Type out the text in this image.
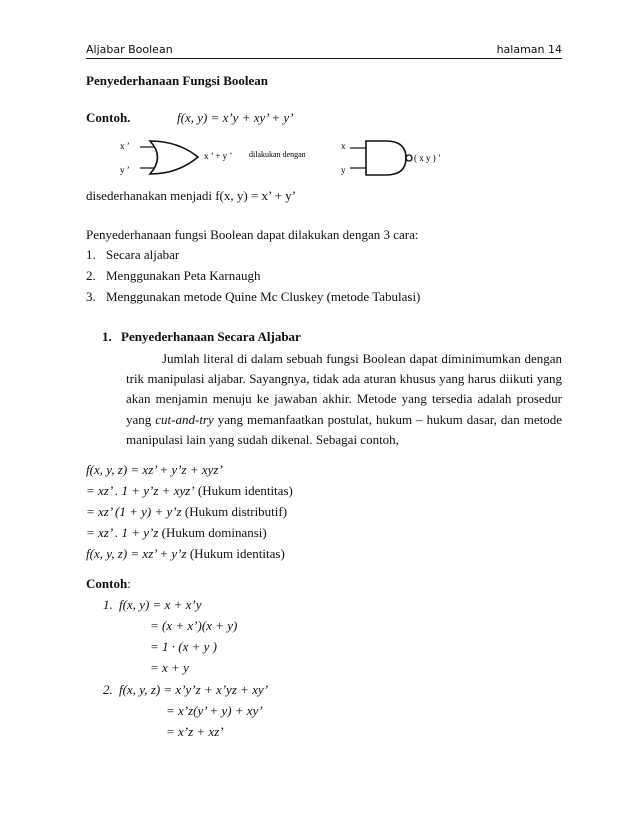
Aljabar Boolean	halaman 14
Penyederhanaan Fungsi Boolean
Contoh.	f(x, y) = x’y + xy’ + y’
x ’
y ’
x ’ + y ’ dilakukan dengan
x
y
( x y ) ’
disederhanakan menjadi f(x, y) = x’ + y’
Penyederhanaan fungsi Boolean dapat dilakukan dengan 3 cara:
1. Secara aljabar
2. Menggunakan Peta Karnaugh
3. Menggunakan metode Quine Mc Cluskey (metode Tabulasi)
1. Penyederhanaan Secara Aljabar
Jumlah literal di dalam sebuah fungsi Boolean dapat diminimumkan dengan trik manipulasi aljabar. Sayangnya, tidak ada aturan khusus yang harus diikuti yang akan menjamin menuju ke jawaban akhir. Metode yang tersedia adalah prosedur yang cut-and-try yang memanfaatkan postulat, hukum – hukum dasar, dan metode manipulasi lain yang sudah dikenal. Sebagai contoh,
f(x, y, z) = xz’ + y’z + xyz’
= xz’ . 1 + y’z + xyz’ (Hukum identitas)
= xz’ (1 + y) + y’z (Hukum distributif)
= xz’ . 1 + y’z (Hukum dominansi)
f(x, y, z) = xz’ + y’z (Hukum identitas)
Contoh:
1. f(x, y) = x + x’y
= (x + x’)(x + y)
= 1 · (x + y )
= x + y
2. f(x, y, z) = x’y’z + x’yz + xy’
= x’z(y’ + y) + xy’
= x’z + xz’
